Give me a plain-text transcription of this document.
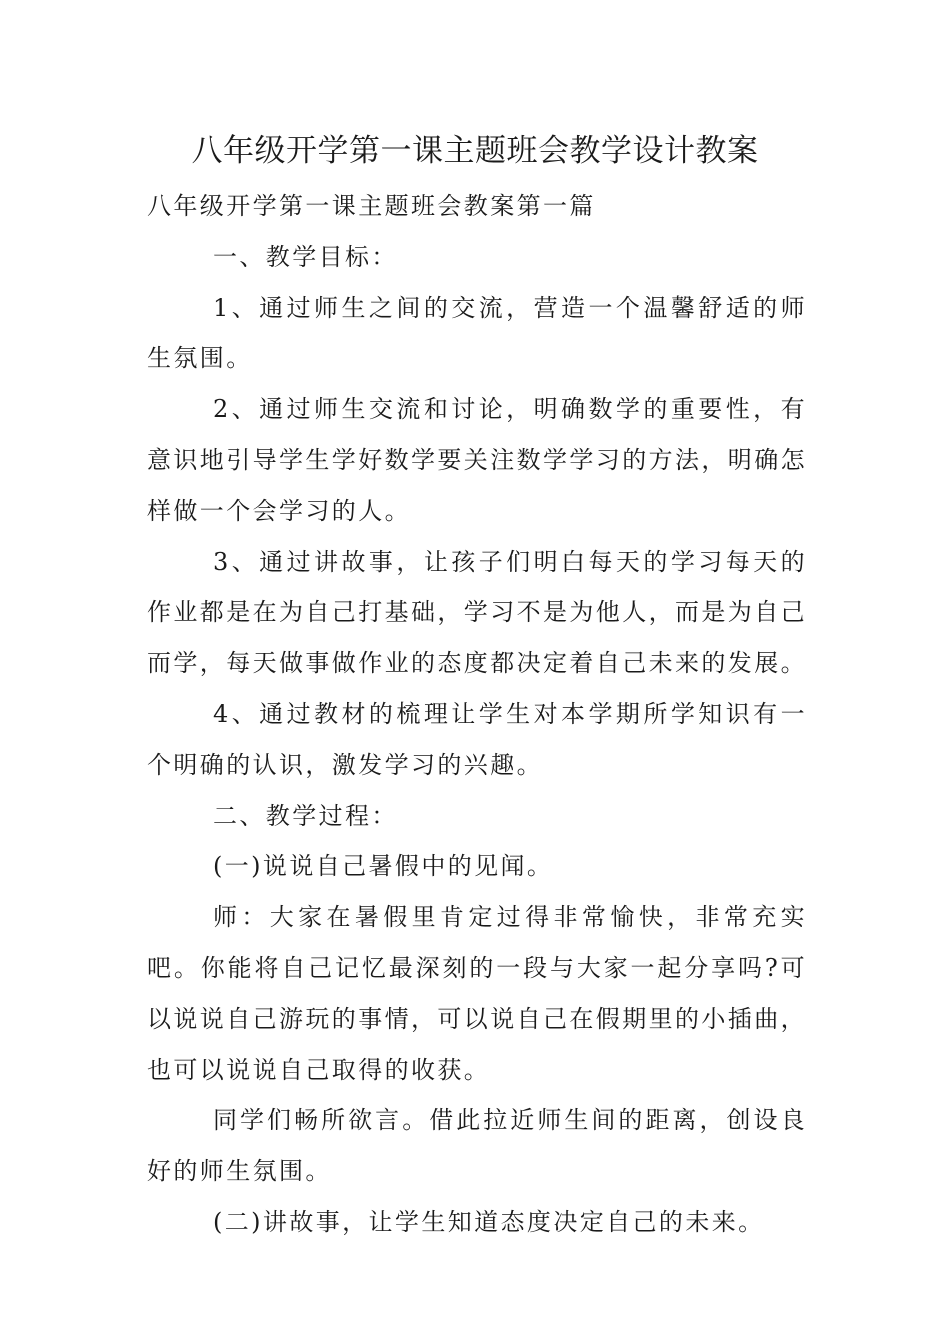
八年级开学第一课主题班会教学设计教案

八年级开学第一课主题班会教案第一篇

一、教学目标：

1、通过师生之间的交流，营造一个温馨舒适的师生氛围。

2、通过师生交流和讨论，明确数学的重要性，有意识地引导学生学好数学要关注数学学习的方法，明确怎样做一个会学习的人。

3、通过讲故事，让孩子们明白每天的学习每天的作业都是在为自己打基础，学习不是为他人，而是为自己而学，每天做事做作业的态度都决定着自己未来的发展。

4、通过教材的梳理让学生对本学期所学知识有一个明确的认识，激发学习的兴趣。

二、教学过程：

(一)说说自己暑假中的见闻。

师：大家在暑假里肯定过得非常愉快，非常充实吧。你能将自己记忆最深刻的一段与大家一起分享吗?可以说说自己游玩的事情，可以说自己在假期里的小插曲，也可以说说自己取得的收获。

同学们畅所欲言。借此拉近师生间的距离，创设良好的师生氛围。

(二)讲故事，让学生知道态度决定自己的未来。
